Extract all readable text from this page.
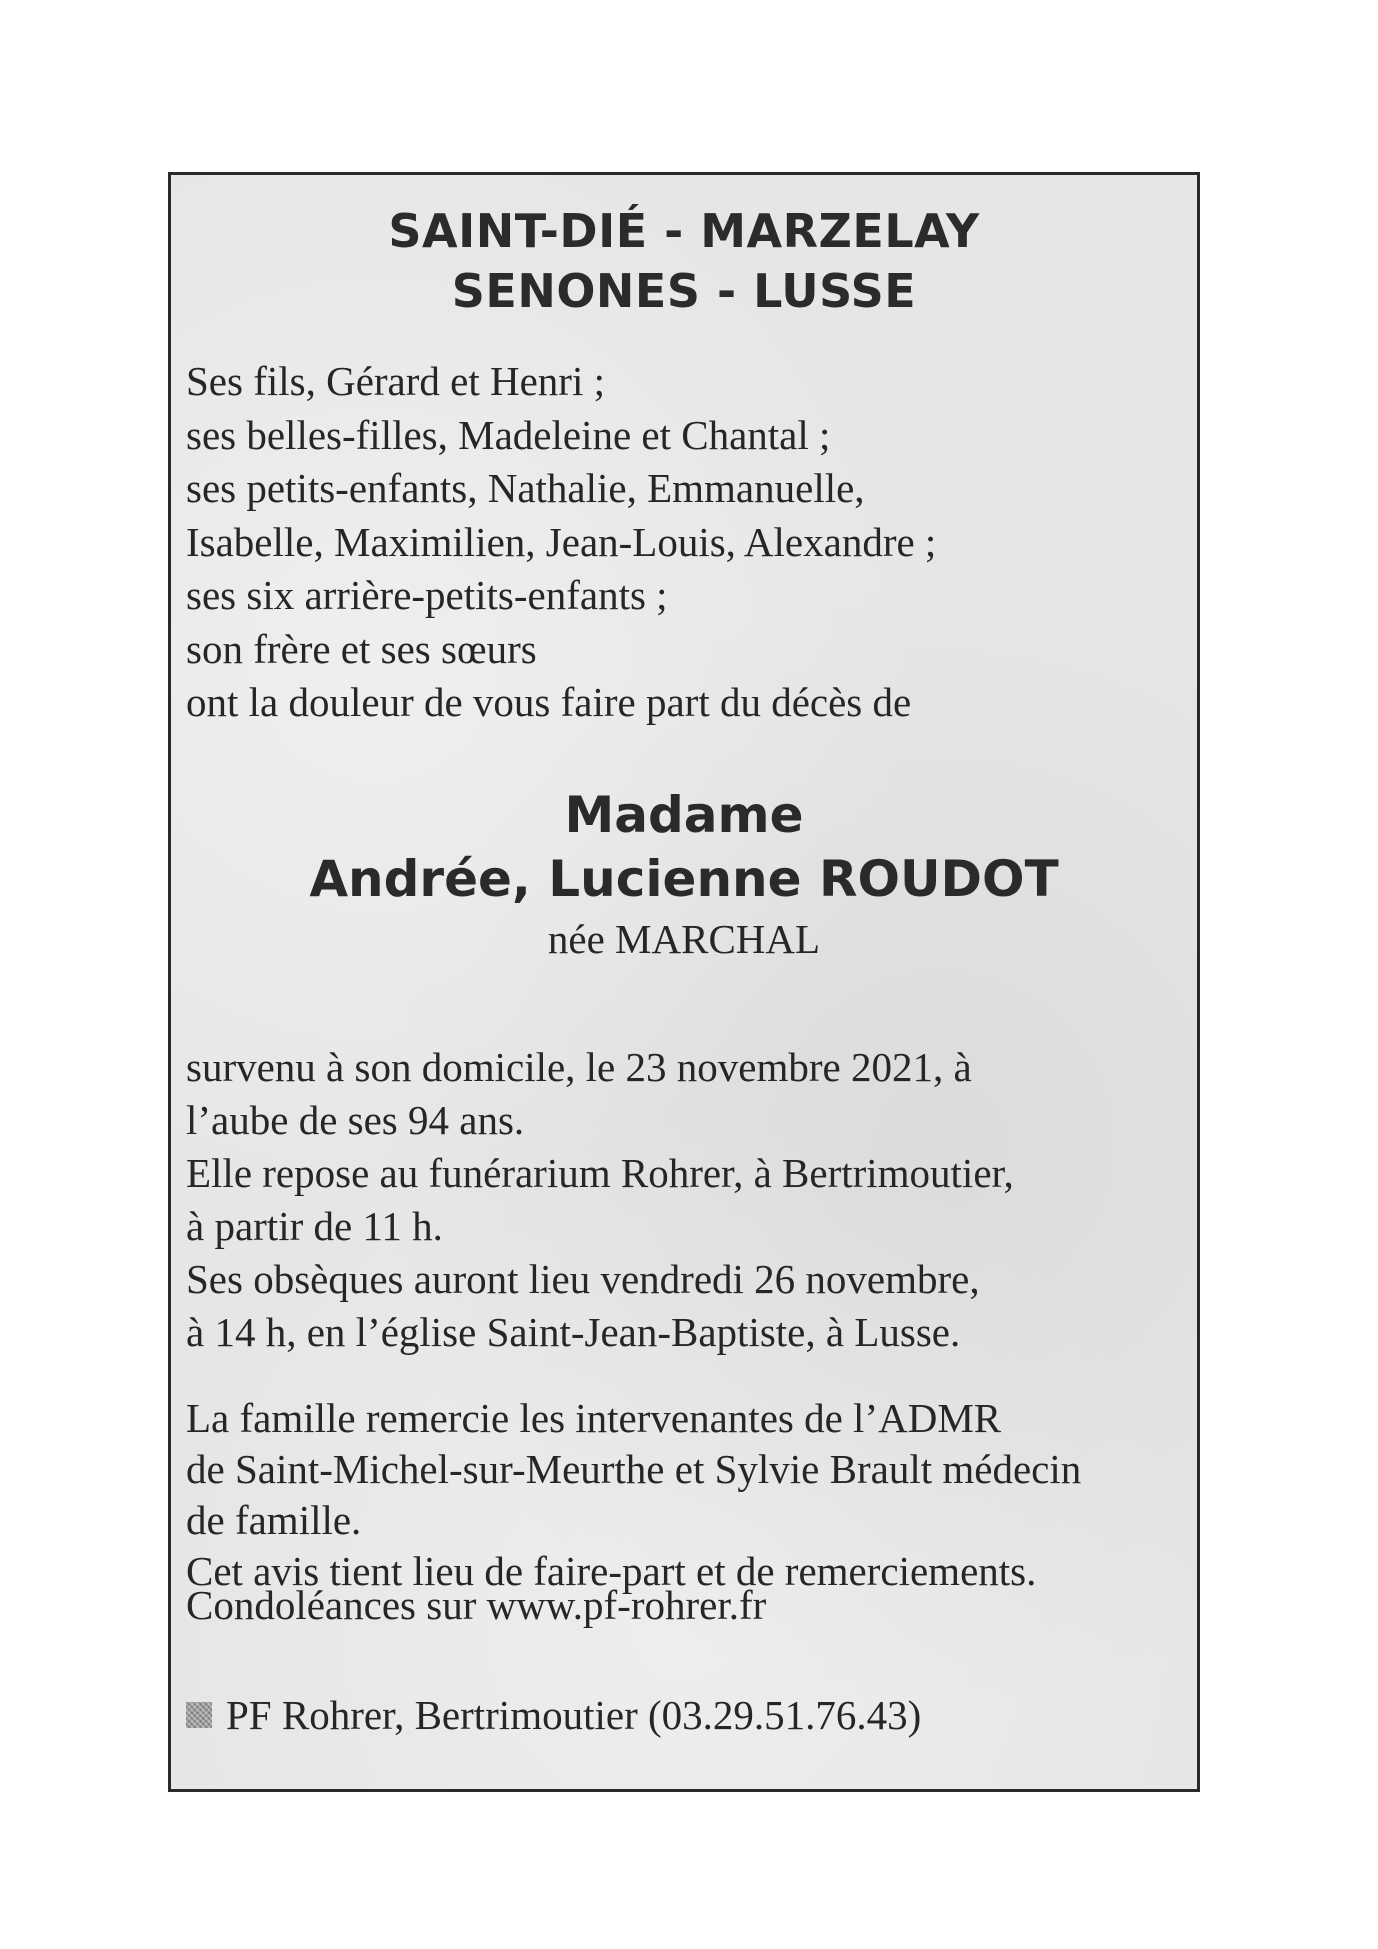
SAINT-DIÉ - MARZELAY
SENONES - LUSSE
Ses fils, Gérard et Henri ;
ses belles-filles, Madeleine et Chantal ;
ses petits-enfants, Nathalie, Emmanuelle,
Isabelle, Maximilien, Jean-Louis, Alexandre ;
ses six arrière-petits-enfants ;
son frère et ses sœurs
ont la douleur de vous faire part du décès de
Madame
Andrée, Lucienne ROUDOT
née MARCHAL
survenu à son domicile, le 23 novembre 2021, à
l’aube de ses 94 ans.
Elle repose au funérarium Rohrer, à Bertrimoutier,
à partir de 11 h.
Ses obsèques auront lieu vendredi 26 novembre,
à 14 h, en l’église Saint-Jean-Baptiste, à Lusse.
La famille remercie les intervenantes de l’ADMR
de Saint-Michel-sur-Meurthe et Sylvie Brault médecin
de famille.
Cet avis tient lieu de faire-part et de remerciements.
Condoléances sur www.pf-rohrer.fr
PF Rohrer, Bertrimoutier (03.29.51.76.43)
